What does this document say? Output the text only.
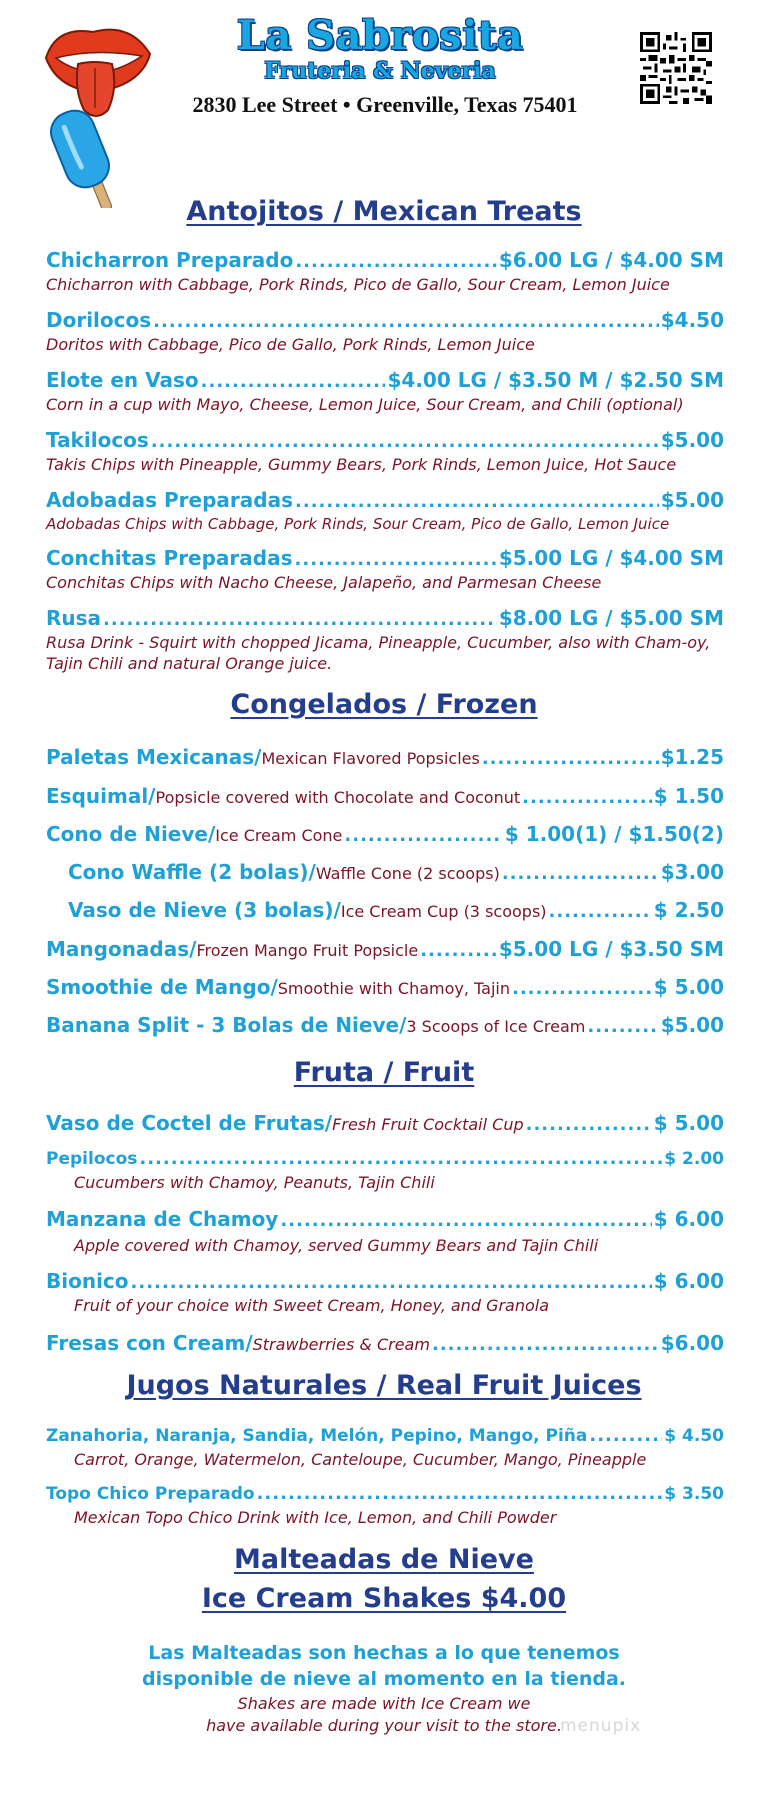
La Sabrosita
Fruteria & Neveria
2830 Lee Street • Greenville, Texas 75401
Antojitos / Mexican Treats
Chicharron Preparado .....	$6.00 LG / $4.00 SM
Chicharron with Cabbage, Pork Rinds, Pico de Gallo, Sour Cream, Lemon Juice
Dorilocos .....	$4.50
Doritos with Cabbage, Pico de Gallo, Pork Rinds, Lemon Juice
Elote en Vaso .....	$4.00 LG / $3.50 M / $2.50 SM
Corn in a cup with Mayo, Cheese, Lemon Juice, Sour Cream, and Chili (optional)
Takilocos .....	$5.00
Takis Chips with Pineapple, Gummy Bears, Pork Rinds, Lemon Juice, Hot Sauce
Adobadas Preparadas .....	$5.00
Adobadas Chips with Cabbage, Pork Rinds, Sour Cream, Pico de Gallo, Lemon Juice
Conchitas Preparadas .....	$5.00 LG / $4.00 SM
Conchitas Chips with Nacho Cheese, Jalapeño, and Parmesan Cheese
Rusa .....	$8.00 LG / $5.00 SM
Rusa Drink - Squirt with chopped Jicama, Pineapple, Cucumber, also with Cham-oy, Tajin Chili and natural Orange juice.
Congelados / Frozen
Paletas Mexicanas/ Mexican Flavored Popsicles .....	$1.25
Esquimal/ Popsicle covered with Chocolate and Coconut .....	$ 1.50
Cono de Nieve/ Ice Cream Cone .....	$ 1.00(1) / $1.50(2)
Cono Waffle (2 bolas)/ Waffle Cone (2 scoops) .....	$3.00
Vaso de Nieve (3 bolas)/ Ice Cream Cup (3 scoops) .....	$ 2.50
Mangonadas/ Frozen Mango Fruit Popsicle .....	$5.00 LG / $3.50 SM
Smoothie de Mango/ Smoothie with Chamoy, Tajin .....	$ 5.00
Banana Split - 3 Bolas de Nieve/ 3 Scoops of Ice Cream .....	$5.00
Fruta / Fruit
Vaso de Coctel de Frutas/ Fresh Fruit Cocktail Cup .....	$ 5.00
Pepilocos .....	$ 2.00
Cucumbers with Chamoy, Peanuts, Tajin Chili
Manzana de Chamoy .....	$ 6.00
Apple covered with Chamoy, served Gummy Bears and Tajin Chili
Bionico .....	$ 6.00
Fruit of your choice with Sweet Cream, Honey, and Granola
Fresas con Cream/ Strawberries & Cream .....	$6.00
Jugos Naturales / Real Fruit Juices
Zanahoria, Naranja, Sandia, Melón, Pepino, Mango, Piña .....	$ 4.50
Carrot, Orange, Watermelon, Canteloupe, Cucumber, Mango, Pineapple
Topo Chico Preparado .....	$ 3.50
Mexican Topo Chico Drink with Ice, Lemon, and Chili Powder
Malteadas de Nieve
Ice Cream Shakes $4.00
Las Malteadas son hechas a lo que tenemos
disponible de nieve al momento en la tienda.
Shakes are made with Ice Cream we
have available during your visit to the store.
menupix
